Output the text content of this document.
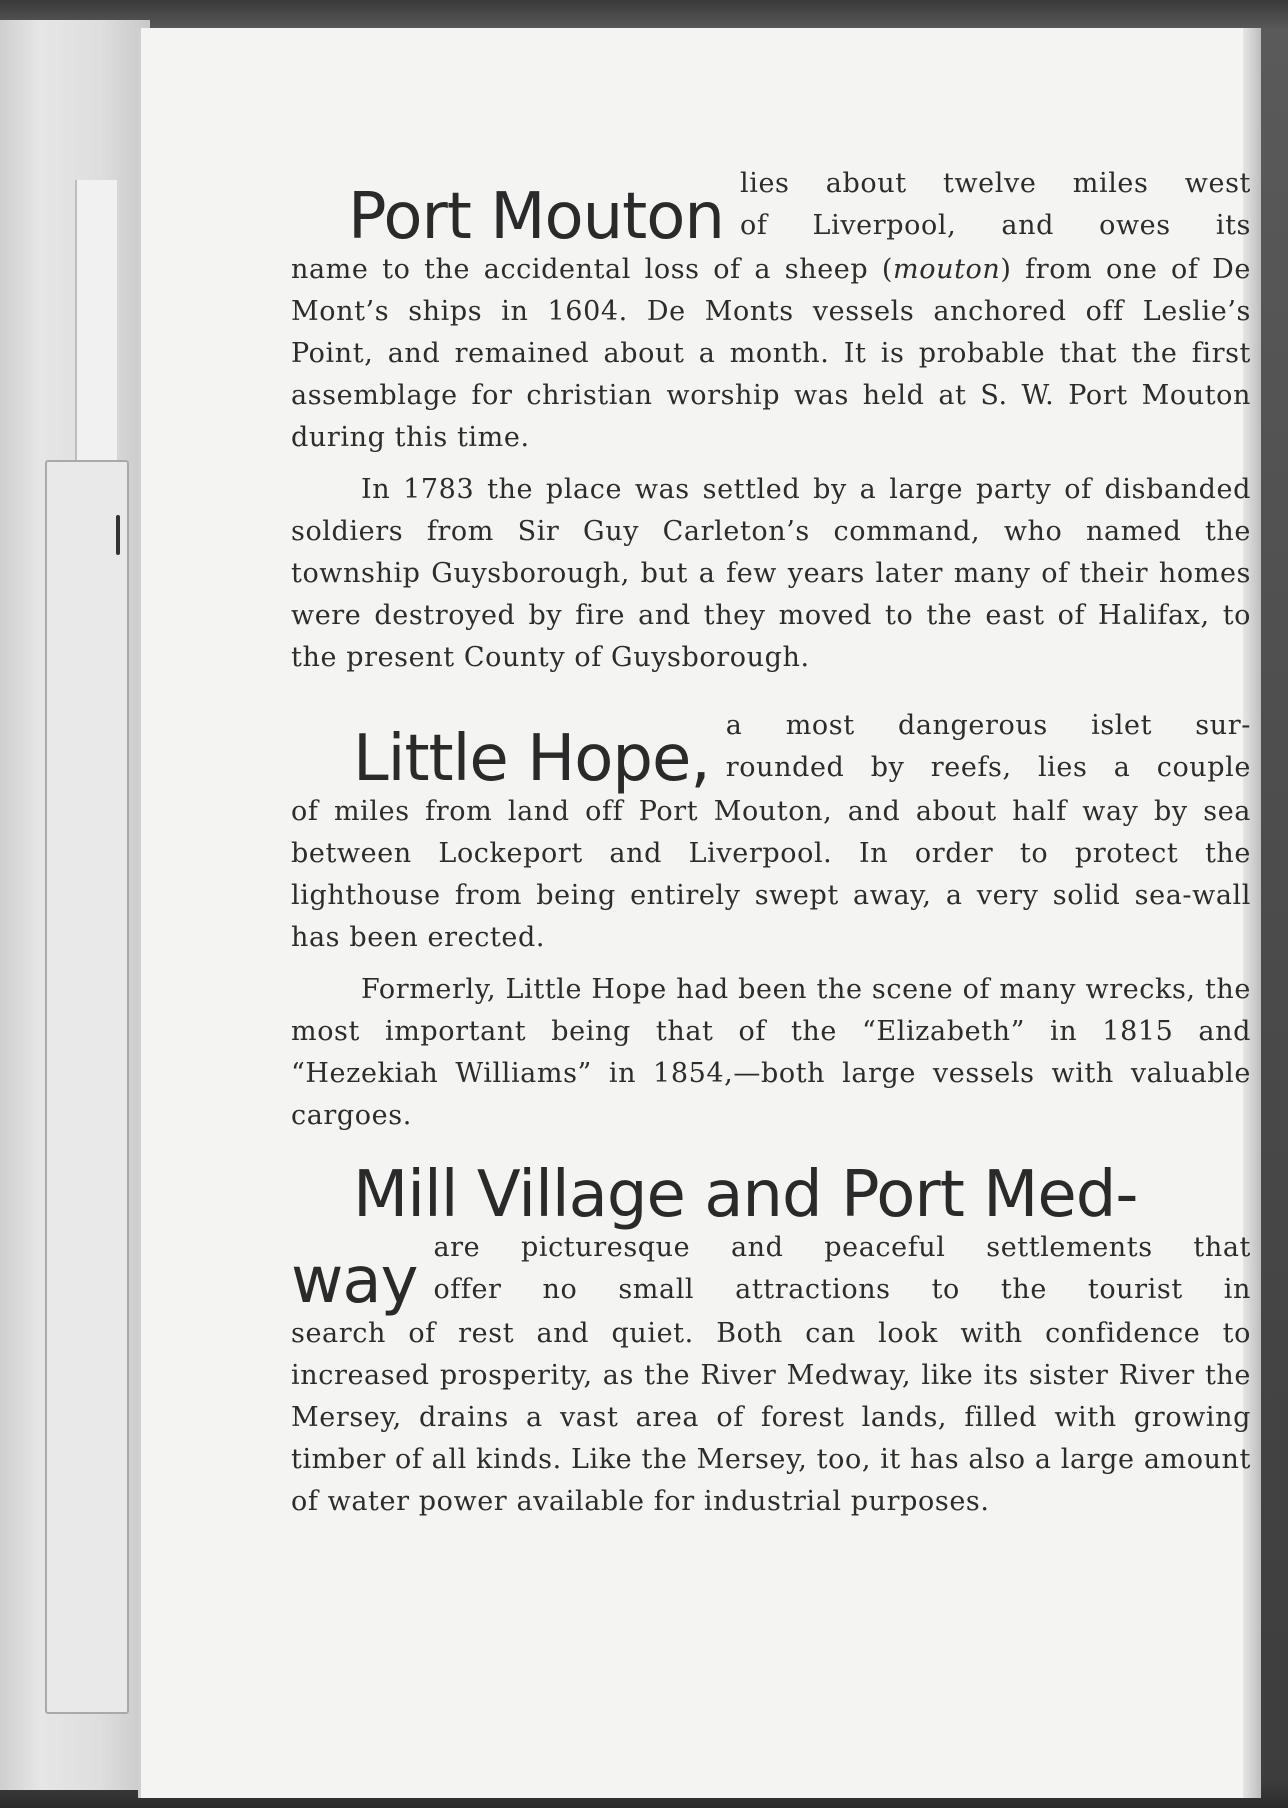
Port Mouton lies about twelve miles west
of Liverpool, and owes its

name to the accidental loss of a sheep (mouton) from one of De Mont’s ships in 1604. De Monts vessels anchored off Leslie’s Point, and remained about a month. It is probable that the first assemblage for christian worship was held at S. W. Port Mouton during this time.

In 1783 the place was settled by a large party of disbanded soldiers from Sir Guy Carleton’s command, who named the township Guysborough, but a few years later many of their homes were destroyed by fire and they moved to the east of Halifax, to the present County of Guysborough.

Little Hope, a most dangerous islet sur-
rounded by reefs, lies a couple

of miles from land off Port Mouton, and about half way by sea between Lockeport and Liverpool. In order to protect the lighthouse from being entirely swept away, a very solid sea-wall has been erected.

Formerly, Little Hope had been the scene of many wrecks, the most important being that of the “Elizabeth” in 1815 and “Hezekiah Williams” in 1854,—both large vessels with valuable cargoes.

Mill Village and Port Med-
way are picturesque and peaceful settlements that
offer no small attractions to the tourist in

search of rest and quiet. Both can look with confidence to increased prosperity, as the River Medway, like its sister River the Mersey, drains a vast area of forest lands, filled with growing timber of all kinds. Like the Mersey, too, it has also a large amount of water power available for industrial purposes.
